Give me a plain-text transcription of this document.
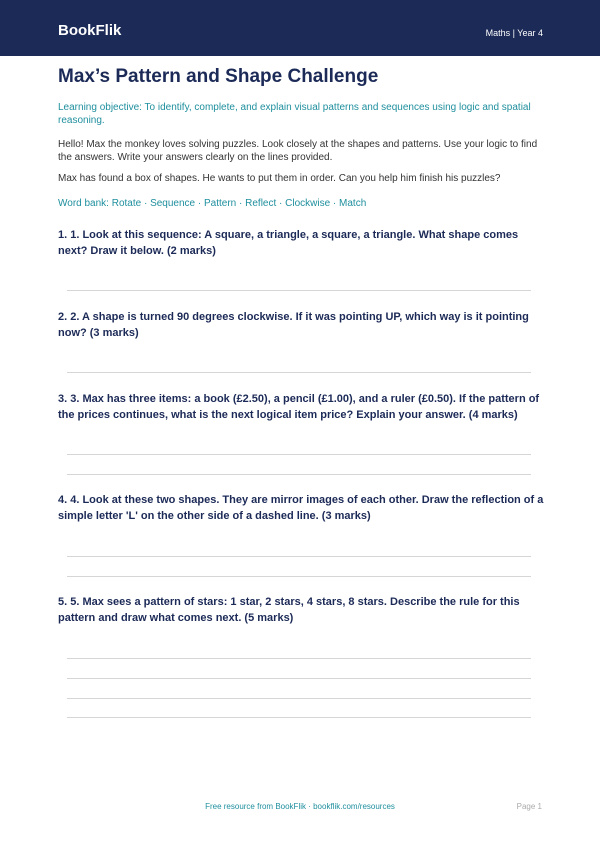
BookFlik	Maths | Year 4
Max’s Pattern and Shape Challenge
Learning objective: To identify, complete, and explain visual patterns and sequences using logic and spatial reasoning.
Hello! Max the monkey loves solving puzzles. Look closely at the shapes and patterns. Use your logic to find the answers. Write your answers clearly on the lines provided.
Max has found a box of shapes. He wants to put them in order. Can you help him finish his puzzles?
Word bank: Rotate · Sequence · Pattern · Reflect · Clockwise · Match
1. 1. Look at this sequence: A square, a triangle, a square, a triangle. What shape comes next? Draw it below. (2 marks)
2. 2. A shape is turned 90 degrees clockwise. If it was pointing UP, which way is it pointing now? (3 marks)
3. 3. Max has three items: a book (£2.50), a pencil (£1.00), and a ruler (£0.50). If the pattern of the prices continues, what is the next logical item price? Explain your answer. (4 marks)
4. 4. Look at these two shapes. They are mirror images of each other. Draw the reflection of a simple letter 'L' on the other side of a dashed line. (3 marks)
5. 5. Max sees a pattern of stars: 1 star, 2 stars, 4 stars, 8 stars. Describe the rule for this pattern and draw what comes next. (5 marks)
Free resource from BookFlik · bookflik.com/resources	Page 1
